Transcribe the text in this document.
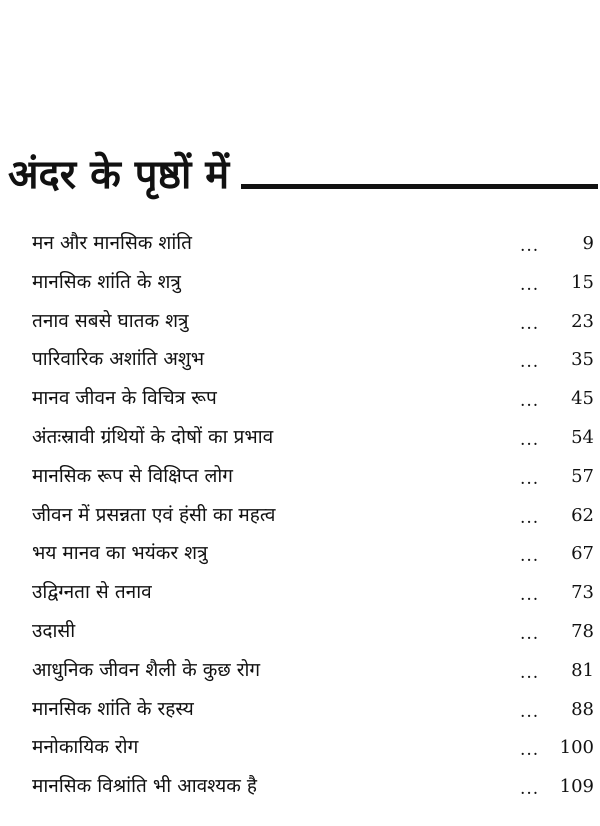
अंदर के पृष्ठों में
मन और मानसिक शांति	... 9
मानसिक शांति के शत्रु	... 15
तनाव सबसे घातक शत्रु	... 23
पारिवारिक अशांति अशुभ	... 35
मानव जीवन के विचित्र रूप	... 45
अंतःस्रावी ग्रंथियों के दोषों का प्रभाव	... 54
मानसिक रूप से विक्षिप्त लोग	... 57
जीवन में प्रसन्नता एवं हंसी का महत्व	... 62
भय मानव का भयंकर शत्रु	... 67
उद्विग्नता से तनाव	... 73
उदासी	... 78
आधुनिक जीवन शैली के कुछ रोग	... 81
मानसिक शांति के रहस्य	... 88
मनोकायिक रोग	... 100
मानसिक विश्रांति भी आवश्यक है	... 109
